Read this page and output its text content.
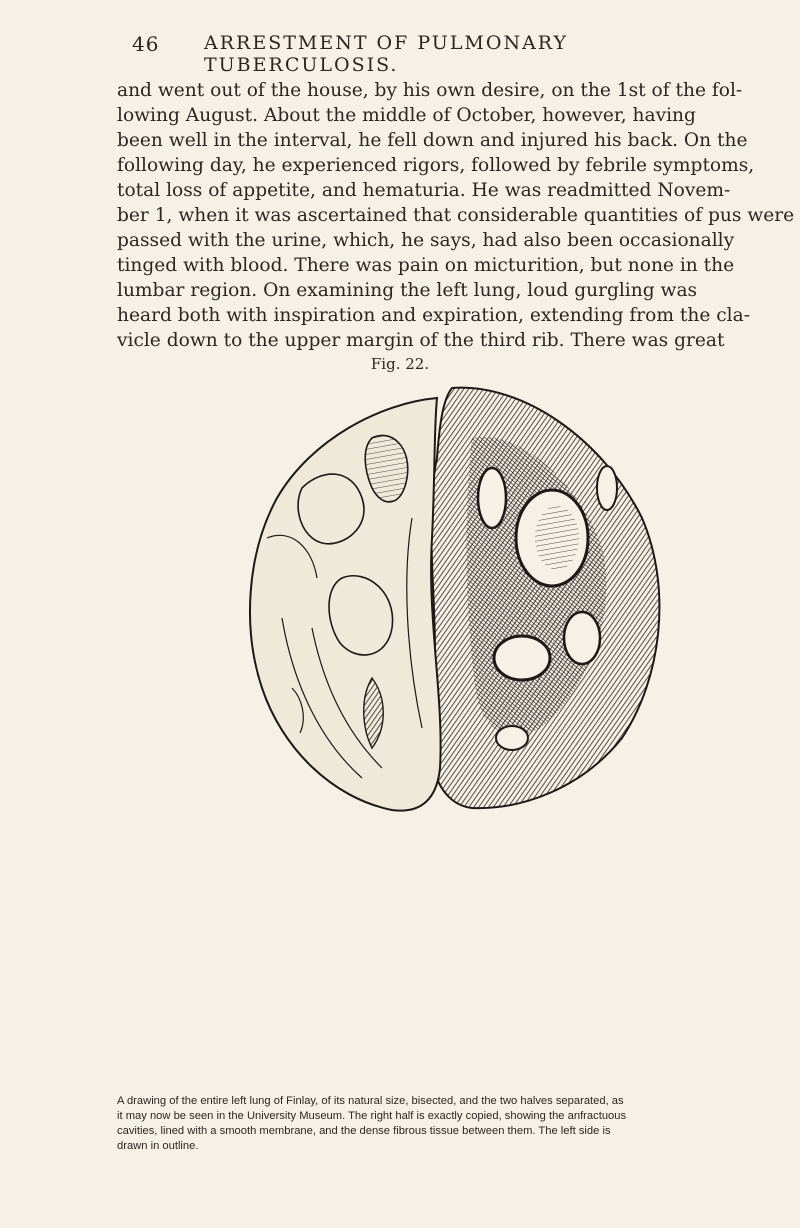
46 ARRESTMENT OF PULMONARY TUBERCULOSIS.
and went out of the house, by his own desire, on the 1st of the fol-
lowing August. About the middle of October, however, having
been well in the interval, he fell down and injured his back. On the
following day, he experienced rigors, followed by febrile symptoms,
total loss of appetite, and hematuria. He was readmitted Novem-
ber 1, when it was ascertained that considerable quantities of pus were
passed with the urine, which, he says, had also been occasionally
tinged with blood. There was pain on micturition, but none in the
lumbar region. On examining the left lung, loud gurgling was
heard both with inspiration and expiration, extending from the cla-
vicle down to the upper margin of the third rib. There was great
Fig. 22.
A drawing of the entire left lung of Finlay, of its natural size, bisected, and the two halves separated, as
it may now be seen in the University Museum. The right half is exactly copied, showing the anfractuous
cavities, lined with a smooth membrane, and the dense fibrous tissue between them. The left side is
drawn in outline.
